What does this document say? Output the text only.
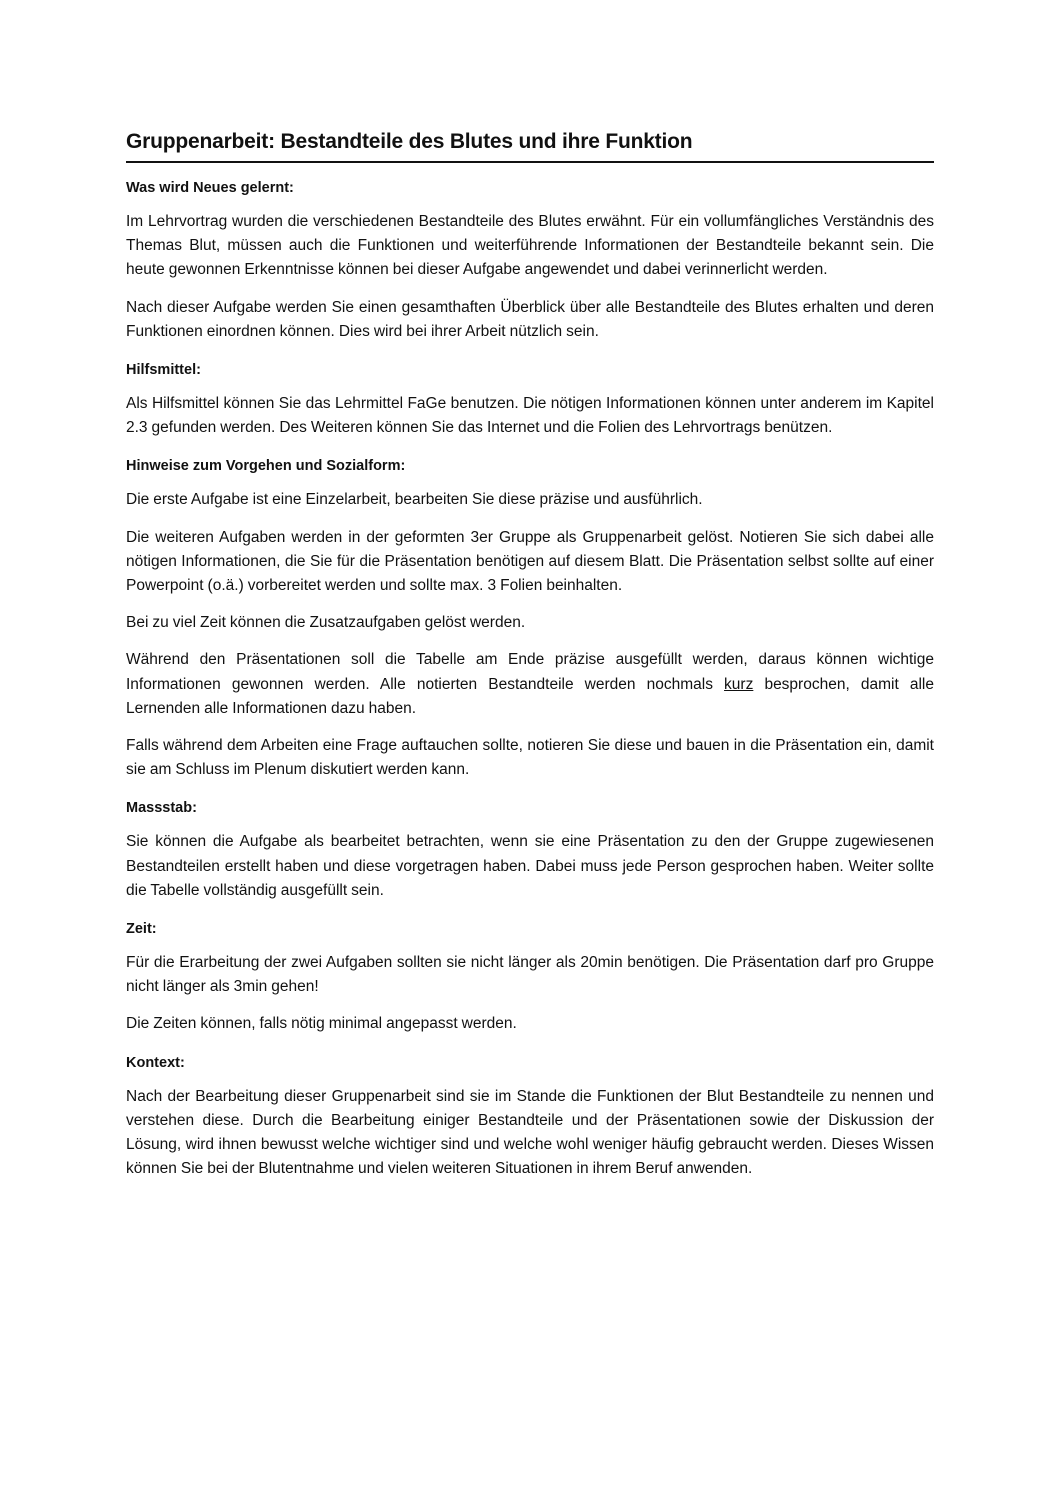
Gruppenarbeit: Bestandteile des Blutes und ihre Funktion
Was wird Neues gelernt:

Im Lehrvortrag wurden die verschiedenen Bestandteile des Blutes erwähnt. Für ein vollumfängliches Verständnis des Themas Blut, müssen auch die Funktionen und weiterführende Informationen der Bestandteile bekannt sein. Die heute gewonnen Erkenntnisse können bei dieser Aufgabe angewendet und dabei verinnerlicht werden.

Nach dieser Aufgabe werden Sie einen gesamthaften Überblick über alle Bestandteile des Blutes erhalten und deren Funktionen einordnen können. Dies wird bei ihrer Arbeit nützlich sein.

Hilfsmittel:

Als Hilfsmittel können Sie das Lehrmittel FaGe benutzen. Die nötigen Informationen können unter anderem im Kapitel 2.3 gefunden werden. Des Weiteren können Sie das Internet und die Folien des Lehrvortrags benützen.

Hinweise zum Vorgehen und Sozialform:

Die erste Aufgabe ist eine Einzelarbeit, bearbeiten Sie diese präzise und ausführlich.

Die weiteren Aufgaben werden in der geformten 3er Gruppe als Gruppenarbeit gelöst. Notieren Sie sich dabei alle nötigen Informationen, die Sie für die Präsentation benötigen auf diesem Blatt. Die Präsentation selbst sollte auf einer Powerpoint (o.ä.) vorbereitet werden und sollte max. 3 Folien beinhalten.

Bei zu viel Zeit können die Zusatzaufgaben gelöst werden.

Während den Präsentationen soll die Tabelle am Ende präzise ausgefüllt werden, daraus können wichtige Informationen gewonnen werden. Alle notierten Bestandteile werden nochmals kurz besprochen, damit alle Lernenden alle Informationen dazu haben.

Falls während dem Arbeiten eine Frage auftauchen sollte, notieren Sie diese und bauen in die Präsentation ein, damit sie am Schluss im Plenum diskutiert werden kann.

Massstab:

Sie können die Aufgabe als bearbeitet betrachten, wenn sie eine Präsentation zu den der Gruppe zugewiesenen Bestandteilen erstellt haben und diese vorgetragen haben. Dabei muss jede Person gesprochen haben. Weiter sollte die Tabelle vollständig ausgefüllt sein.

Zeit:

Für die Erarbeitung der zwei Aufgaben sollten sie nicht länger als 20min benötigen. Die Präsentation darf pro Gruppe nicht länger als 3min gehen!

Die Zeiten können, falls nötig minimal angepasst werden.

Kontext:

Nach der Bearbeitung dieser Gruppenarbeit sind sie im Stande die Funktionen der Blut Bestandteile zu nennen und verstehen diese. Durch die Bearbeitung einiger Bestandteile und der Präsentationen sowie der Diskussion der Lösung, wird ihnen bewusst welche wichtiger sind und welche wohl weniger häufig gebraucht werden. Dieses Wissen können Sie bei der Blutentnahme und vielen weiteren Situationen in ihrem Beruf anwenden.
